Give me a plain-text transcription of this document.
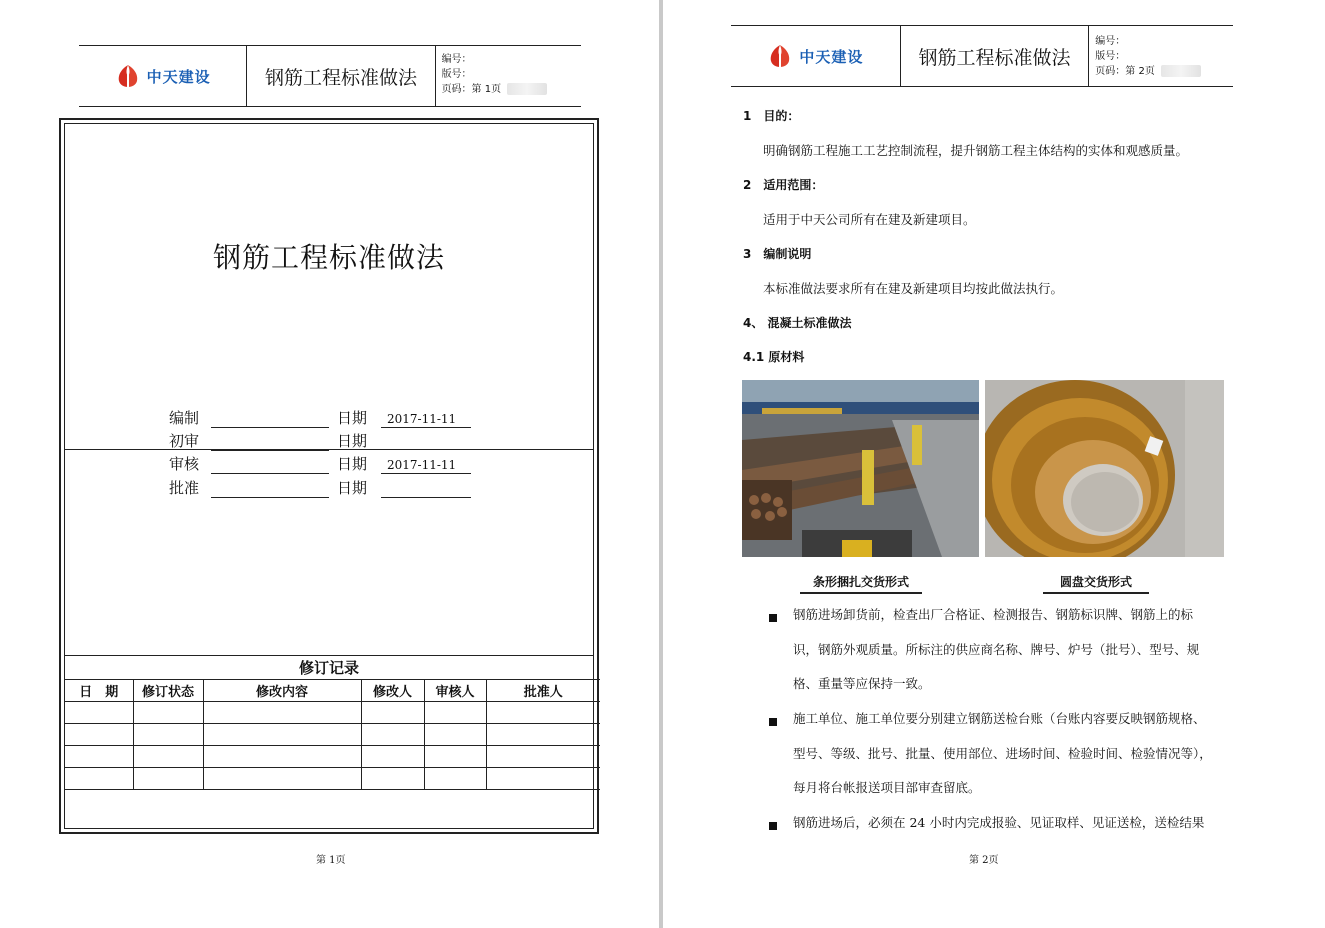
中天建设	钢筋工程标准做法
编号：
版号：
页码：第 1页
钢筋工程标准做法
编制	日期	2017-11-11
初审	日期
审核	日期	2017-11-11
批准	日期
修订记录
日　期	修订状态	修改内容	修改人	审核人	批准人

第 1页
中天建设	钢筋工程标准做法
编号：
版号：
页码：第 2页
1　目的：
明确钢筋工程施工工艺控制流程，提升钢筋工程主体结构的实体和观感质量。
2　适用范围：
适用于中天公司所有在建及新建项目。
3　编制说明
本标准做法要求所有在建及新建项目均按此做法执行。
4、 混凝土标准做法
4.1 原材料
条形捆扎交货形式	圆盘交货形式
钢筋进场卸货前，检查出厂合格证、检测报告、钢筋标识牌、钢筋上的标
识，钢筋外观质量。所标注的供应商名称、牌号、炉号（批号）、型号、规
格、重量等应保持一致。
施工单位、施工单位要分别建立钢筋送检台账（台账内容要反映钢筋规格、
型号、等级、批号、批量、使用部位、进场时间、检验时间、检验情况等），
每月将台帐报送项目部审查留底。
钢筋进场后，必须在 24 小时内完成报验、见证取样、见证送检，送检结果
第 2页
